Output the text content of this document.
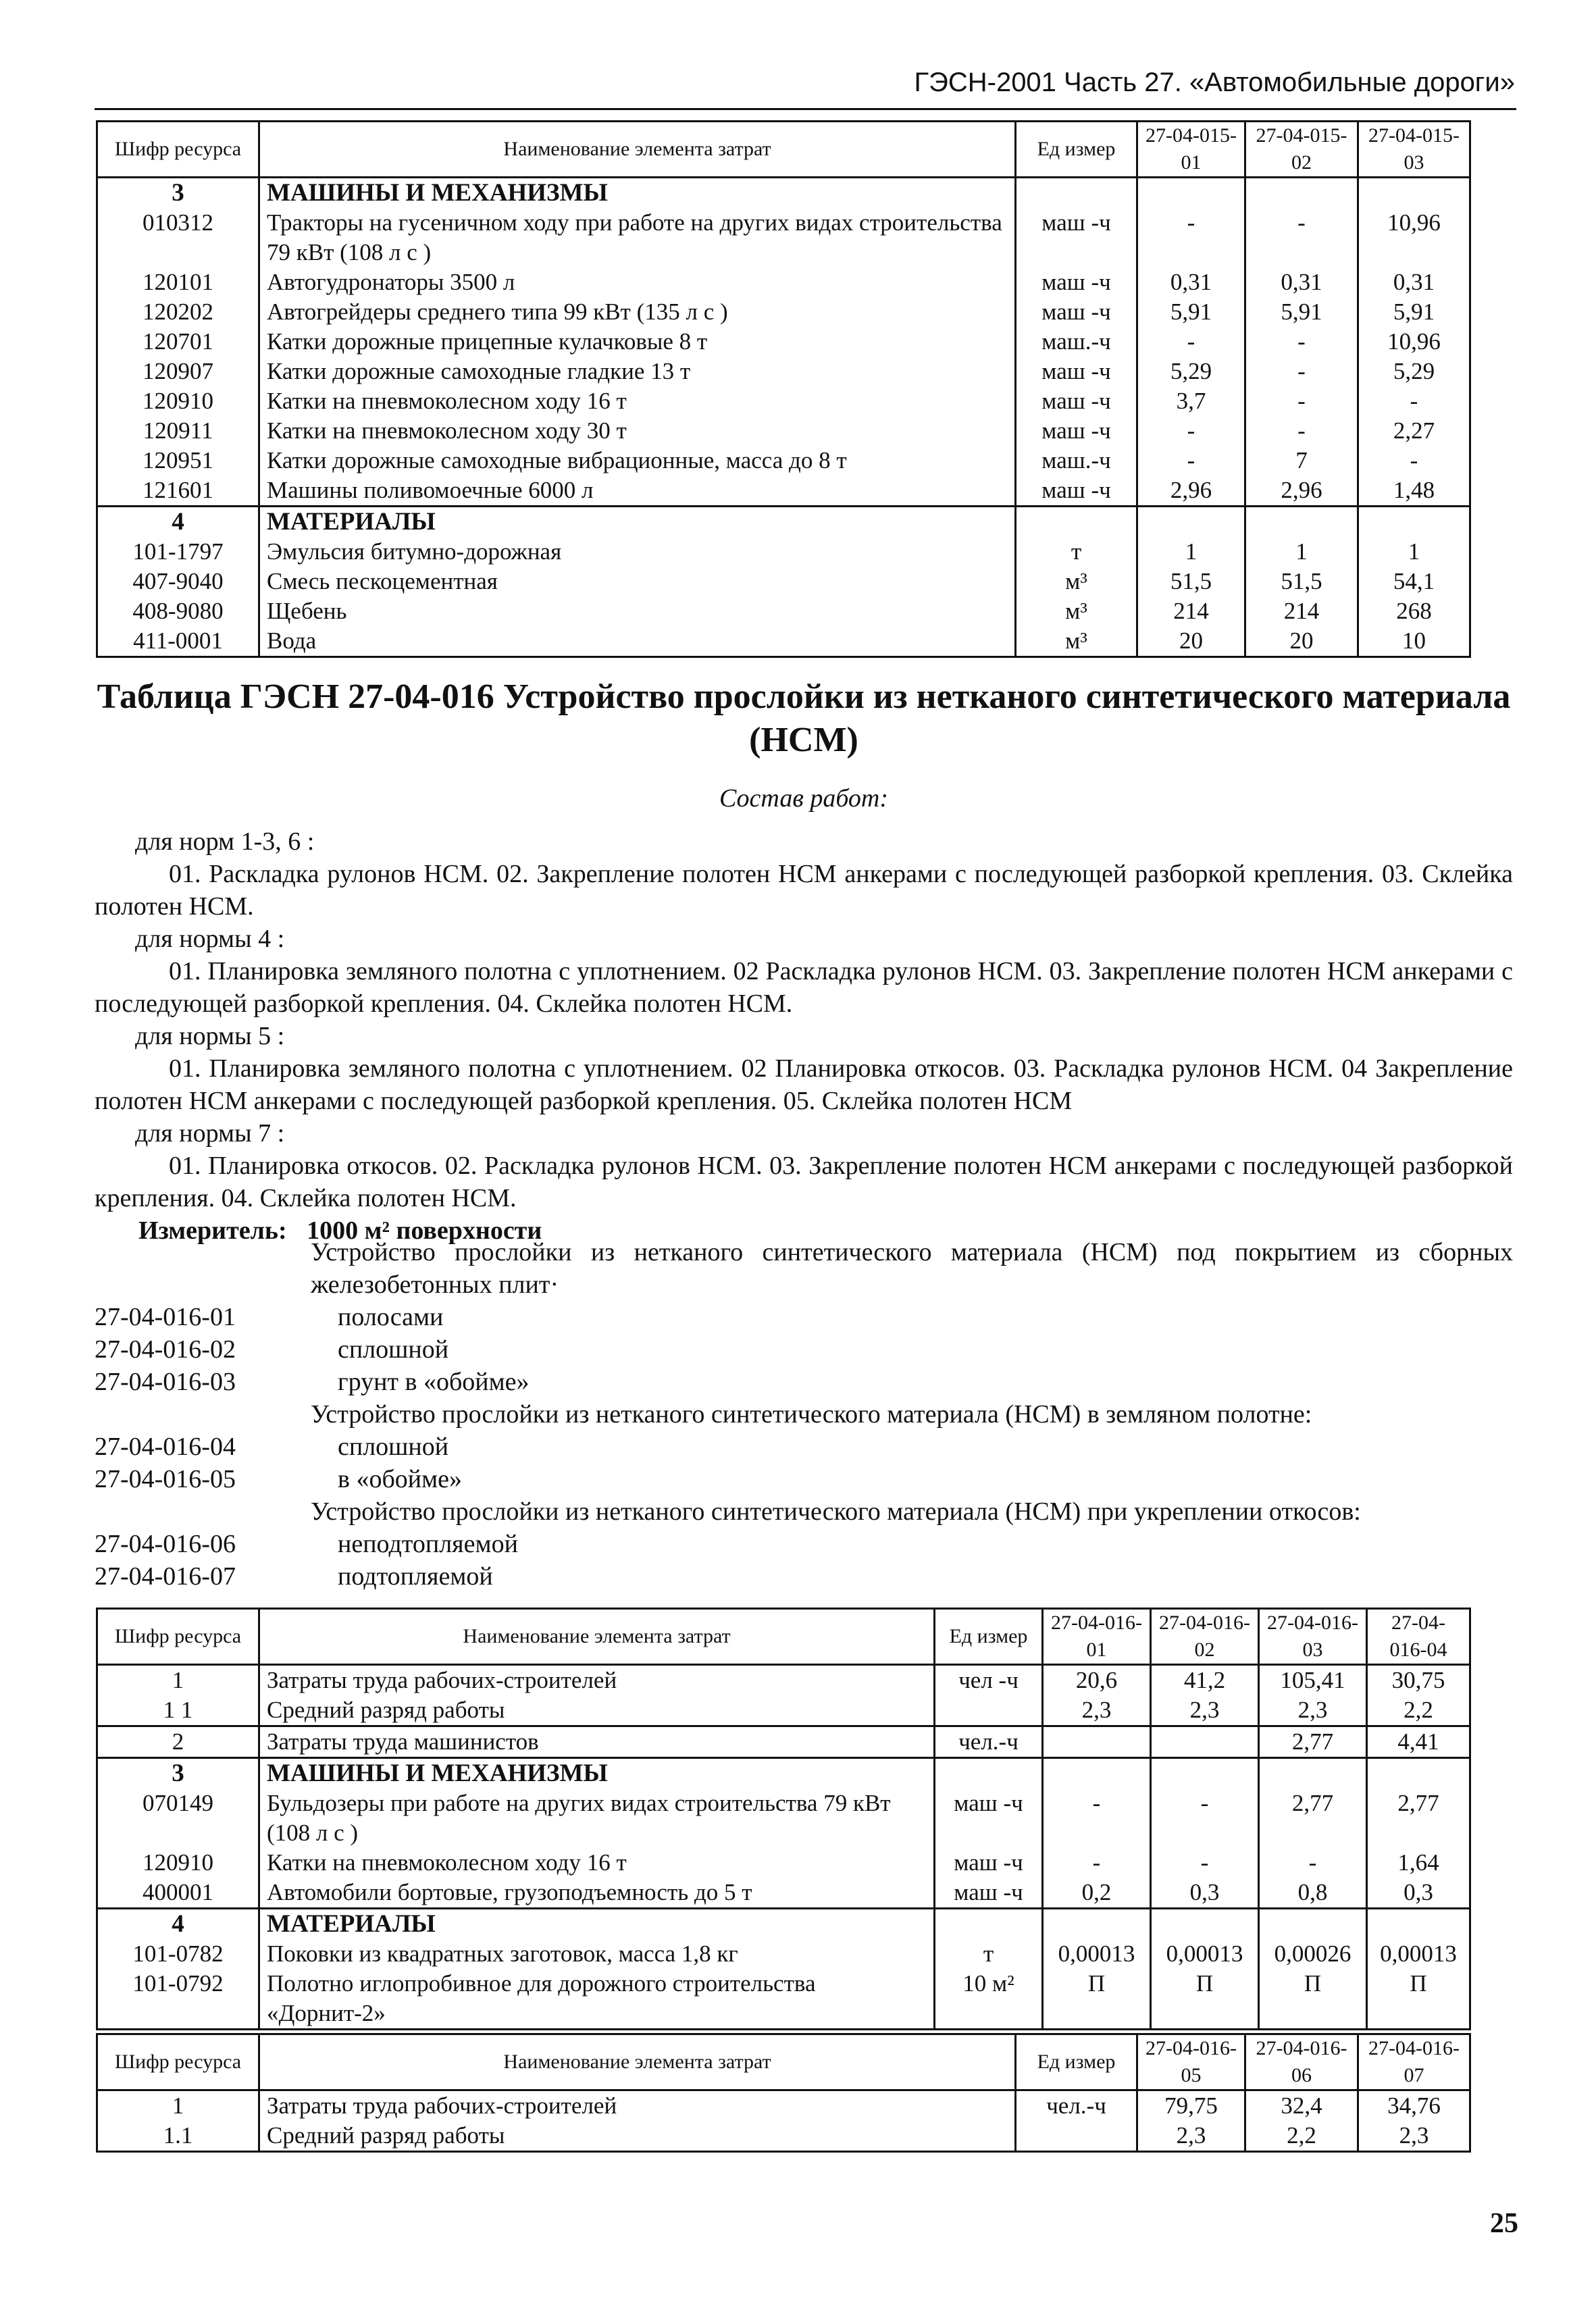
ГЭСН-2001 Часть 27. «Автомобильные дороги»
Шифр ресурса	Наименование элемента затрат	Ед измер	27-04-015-01	27-04-015-02	27-04-015-03
3	МАШИНЫ И МЕХАНИЗМЫ				
010312	Тракторы на гусеничном ходу при работе на других видах строительства 79 кВт (108 л с )	маш -ч	-	-	10,96
120101	Автогудронаторы 3500 л	маш -ч	0,31	0,31	0,31
120202	Автогрейдеры среднего типа 99 кВт (135 л с )	маш -ч	5,91	5,91	5,91
120701	Катки дорожные прицепные кулачковые 8 т	маш.-ч	-	-	10,96
120907	Катки дорожные самоходные гладкие 13 т	маш -ч	5,29	-	5,29
120910	Катки на пневмоколесном ходу 16 т	маш -ч	3,7	-	-
120911	Катки на пневмоколесном ходу 30 т	маш -ч	-	-	2,27
120951	Катки дорожные самоходные вибрационные, масса до 8 т	маш.-ч	-	7	-
121601	Машины поливомоечные 6000 л	маш -ч	2,96	2,96	1,48
4	МАТЕРИАЛЫ				
101-1797	Эмульсия битумно-дорожная	т	1	1	1
407-9040	Смесь пескоцементная	м³	51,5	51,5	54,1
408-9080	Щебень	м³	214	214	268
411-0001	Вода	м³	20	20	10
Таблица ГЭСН 27-04-016 Устройство прослойки из нетканого синтетического материала (НСМ)
Состав работ:
для норм 1-3, 6 :
01. Раскладка рулонов НСМ. 02. Закрепление полотен НСМ анкерами с последующей разборкой крепления. 03. Склейка полотен НСМ.
для нормы 4 :
01. Планировка земляного полотна с уплотнением. 02 Раскладка рулонов НСМ. 03. Закрепление полотен НСМ анкерами с последующей разборкой крепления. 04. Склейка полотен НСМ.
для нормы 5 :
01. Планировка земляного полотна с уплотнением. 02 Планировка откосов. 03. Раскладка рулонов НСМ. 04 Закрепление полотен НСМ анкерами с последующей разборкой крепления. 05. Склейка полотен НСМ
для нормы 7 :
01. Планировка откосов. 02. Раскладка рулонов НСМ. 03. Закрепление полотен НСМ анкерами с последующей разборкой крепления. 04. Склейка полотен НСМ.
Измеритель: 1000 м² поверхности
Устройство прослойки из нетканого синтетического материала (НСМ) под покрытием из сборных железобетонных плит·
27-04-016-01	полосами
27-04-016-02	сплошной
27-04-016-03	грунт в «обойме»
Устройство прослойки из нетканого синтетического материала (НСМ) в земляном полотне:
27-04-016-04	сплошной
27-04-016-05	в «обойме»
Устройство прослойки из нетканого синтетического материала (НСМ) при укреплении откосов:
27-04-016-06	неподтопляемой
27-04-016-07	подтопляемой
Шифр ресурса	Наименование элемента затрат	Ед измер	27-04-016-01	27-04-016-02	27-04-016-03	27-04-016-04
1	Затраты труда рабочих-строителей	чел -ч	20,6	41,2	105,41	30,75
1 1	Средний разряд работы		2,3	2,3	2,3	2,2
2	Затраты труда машинистов	чел.-ч			2,77	4,41
3	МАШИНЫ И МЕХАНИЗМЫ					
070149	Бульдозеры при работе на других видах строительства 79 кВт (108 л с )	маш -ч	-	-	2,77	2,77
120910	Катки на пневмоколесном ходу 16 т	маш -ч	-	-	-	1,64
400001	Автомобили бортовые, грузоподъемность до 5 т	маш -ч	0,2	0,3	0,8	0,3
4	МАТЕРИАЛЫ					
101-0782	Поковки из квадратных заготовок, масса 1,8 кг	т	0,00013	0,00013	0,00026	0,00013
101-0792	Полотно иглопробивное для дорожного строительства «Дорнит-2»	10 м²	П	П	П	П
Шифр ресурса	Наименование элемента затрат	Ед измер	27-04-016-05	27-04-016-06	27-04-016-07
1	Затраты труда рабочих-строителей	чел.-ч	79,75	32,4	34,76
1.1	Средний разряд работы		2,3	2,2	2,3
25
